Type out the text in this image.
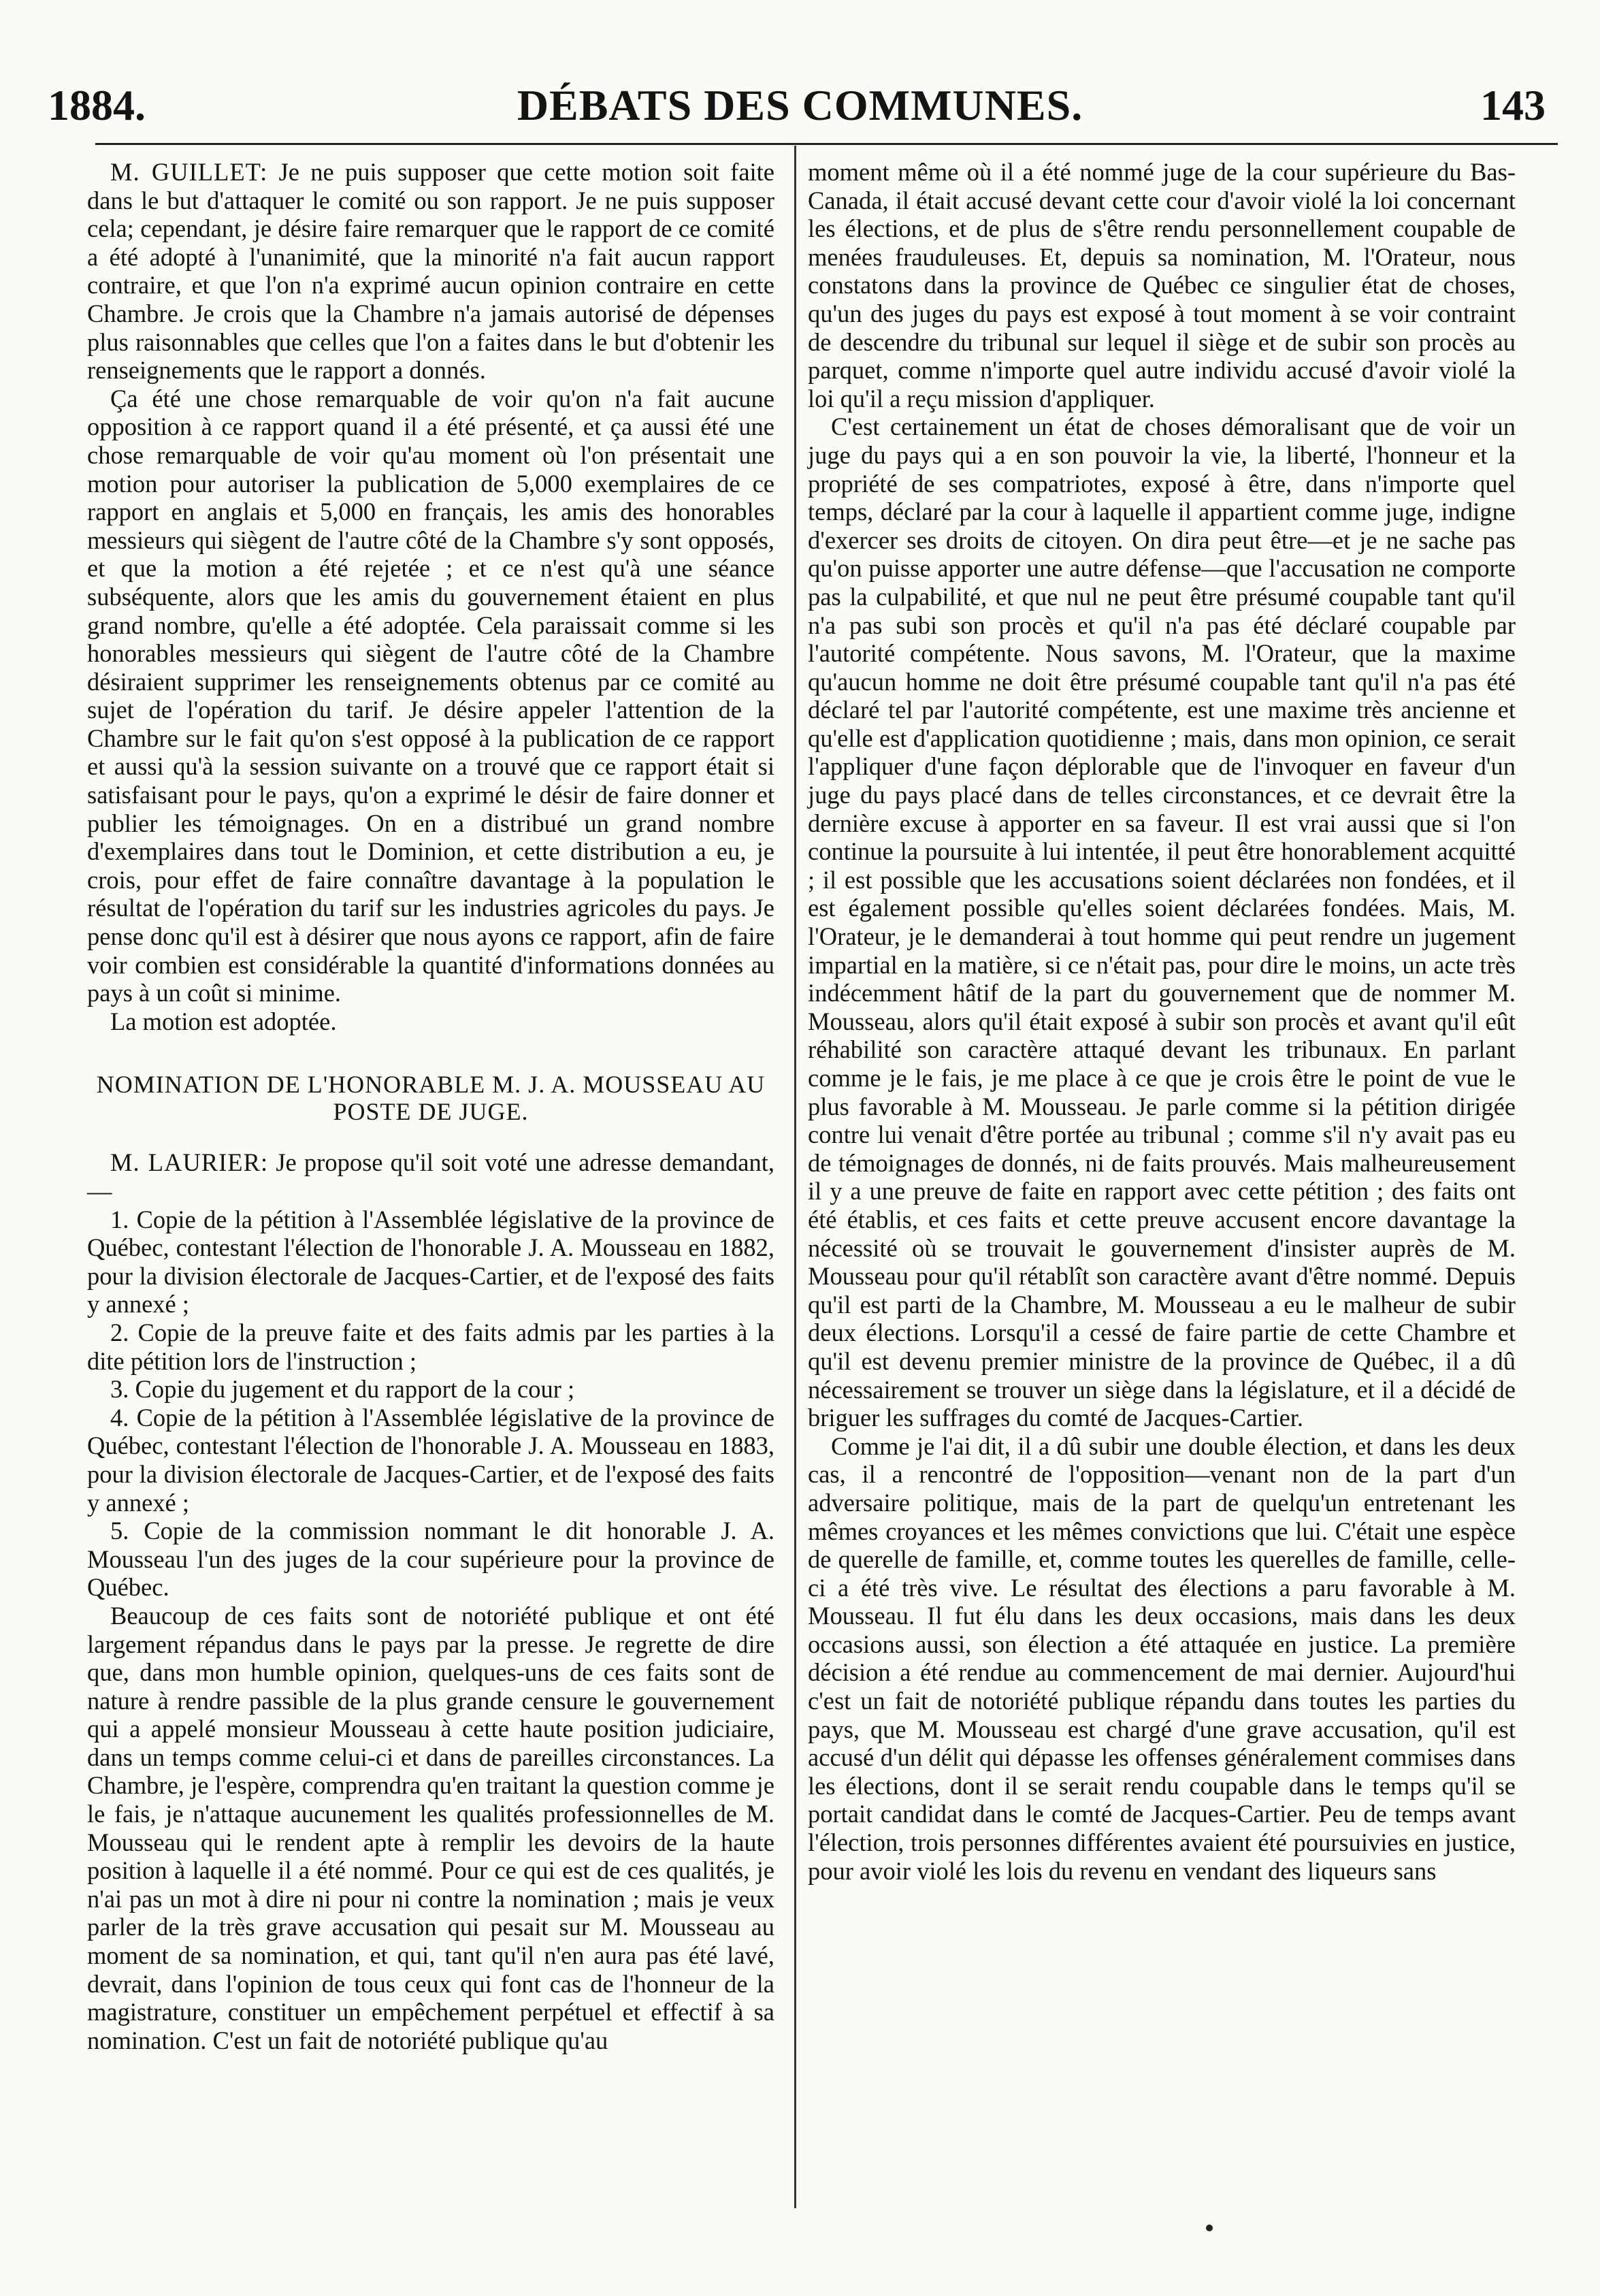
1884.	DÉBATS DES COMMUNES.	143

M. GUILLET: Je ne puis supposer que cette motion soit faite dans le but d'attaquer le comité ou son rapport. Je ne puis supposer cela; cependant, je désire faire remarquer que le rapport de ce comité a été adopté à l'unanimité, que la minorité n'a fait aucun rapport contraire, et que l'on n'a exprimé aucun opinion contraire en cette Chambre. Je crois que la Chambre n'a jamais autorisé de dépenses plus raisonnables que celles que l'on a faites dans le but d'obtenir les renseignements que le rapport a donnés.

Ça été une chose remarquable de voir qu'on n'a fait aucune opposition à ce rapport quand il a été présenté, et ça aussi été une chose remarquable de voir qu'au moment où l'on présentait une motion pour autoriser la publication de 5,000 exemplaires de ce rapport en anglais et 5,000 en français, les amis des honorables messieurs qui siègent de l'autre côté de la Chambre s'y sont opposés, et que la motion a été rejetée ; et ce n'est qu'à une séance subséquente, alors que les amis du gouvernement étaient en plus grand nombre, qu'elle a été adoptée. Cela paraissait comme si les honorables messieurs qui siègent de l'autre côté de la Chambre désiraient supprimer les renseignements obtenus par ce comité au sujet de l'opération du tarif. Je désire appeler l'attention de la Chambre sur le fait qu'on s'est opposé à la publication de ce rapport et aussi qu'à la session suivante on a trouvé que ce rapport était si satisfaisant pour le pays, qu'on a exprimé le désir de faire donner et publier les témoignages. On en a distribué un grand nombre d'exemplaires dans tout le Dominion, et cette distribution a eu, je crois, pour effet de faire connaître davantage à la population le résultat de l'opération du tarif sur les industries agricoles du pays. Je pense donc qu'il est à désirer que nous ayons ce rapport, afin de faire voir combien est considérable la quantité d'informations données au pays à un coût si minime.

La motion est adoptée.

NOMINATION DE L'HONORABLE M. J. A. MOUSSEAU AU POSTE DE JUGE.

M. LAURIER: Je propose qu'il soit voté une adresse demandant,—

1. Copie de la pétition à l'Assemblée législative de la province de Québec, contestant l'élection de l'honorable J. A. Mousseau en 1882, pour la division électorale de Jacques-Cartier, et de l'exposé des faits y annexé ;

2. Copie de la preuve faite et des faits admis par les parties à la dite pétition lors de l'instruction ;

3. Copie du jugement et du rapport de la cour ;

4. Copie de la pétition à l'Assemblée législative de la province de Québec, contestant l'élection de l'honorable J. A. Mousseau en 1883, pour la division électorale de Jacques-Cartier, et de l'exposé des faits y annexé ;

5. Copie de la commission nommant le dit honorable J. A. Mousseau l'un des juges de la cour supérieure pour la province de Québec.

Beaucoup de ces faits sont de notoriété publique et ont été largement répandus dans le pays par la presse. Je regrette de dire que, dans mon humble opinion, quelques-uns de ces faits sont de nature à rendre passible de la plus grande censure le gouvernement qui a appelé monsieur Mousseau à cette haute position judiciaire, dans un temps comme celui-ci et dans de pareilles circonstances. La Chambre, je l'espère, comprendra qu'en traitant la question comme je le fais, je n'attaque aucunement les qualités professionnelles de M. Mousseau qui le rendent apte à remplir les devoirs de la haute position à laquelle il a été nommé. Pour ce qui est de ces qualités, je n'ai pas un mot à dire ni pour ni contre la nomination ; mais je veux parler de la très grave accusation qui pesait sur M. Mousseau au moment de sa nomination, et qui, tant qu'il n'en aura pas été lavé, devrait, dans l'opinion de tous ceux qui font cas de l'honneur de la magistrature, constituer un empêchement perpétuel et effectif à sa nomination. C'est un fait de notoriété publique qu'au

moment même où il a été nommé juge de la cour supérieure du Bas-Canada, il était accusé devant cette cour d'avoir violé la loi concernant les élections, et de plus de s'être rendu personnellement coupable de menées frauduleuses. Et, depuis sa nomination, M. l'Orateur, nous constatons dans la province de Québec ce singulier état de choses, qu'un des juges du pays est exposé à tout moment à se voir contraint de descendre du tribunal sur lequel il siège et de subir son procès au parquet, comme n'importe quel autre individu accusé d'avoir violé la loi qu'il a reçu mission d'appliquer.

C'est certainement un état de choses démoralisant que de voir un juge du pays qui a en son pouvoir la vie, la liberté, l'honneur et la propriété de ses compatriotes, exposé à être, dans n'importe quel temps, déclaré par la cour à laquelle il appartient comme juge, indigne d'exercer ses droits de citoyen. On dira peut être—et je ne sache pas qu'on puisse apporter une autre défense—que l'accusation ne comporte pas la culpabilité, et que nul ne peut être présumé coupable tant qu'il n'a pas subi son procès et qu'il n'a pas été déclaré coupable par l'autorité compétente. Nous savons, M. l'Orateur, que la maxime qu'aucun homme ne doit être présumé coupable tant qu'il n'a pas été déclaré tel par l'autorité compétente, est une maxime très ancienne et qu'elle est d'application quotidienne ; mais, dans mon opinion, ce serait l'appliquer d'une façon déplorable que de l'invoquer en faveur d'un juge du pays placé dans de telles circonstances, et ce devrait être la dernière excuse à apporter en sa faveur. Il est vrai aussi que si l'on continue la poursuite à lui intentée, il peut être honorablement acquitté ; il est possible que les accusations soient déclarées non fondées, et il est également possible qu'elles soient déclarées fondées. Mais, M. l'Orateur, je le demanderai à tout homme qui peut rendre un jugement impartial en la matière, si ce n'était pas, pour dire le moins, un acte très indécemment hâtif de la part du gouvernement que de nommer M. Mousseau, alors qu'il était exposé à subir son procès et avant qu'il eût réhabilité son caractère attaqué devant les tribunaux. En parlant comme je le fais, je me place à ce que je crois être le point de vue le plus favorable à M. Mousseau. Je parle comme si la pétition dirigée contre lui venait d'être portée au tribunal ; comme s'il n'y avait pas eu de témoignages de donnés, ni de faits prouvés. Mais malheureusement il y a une preuve de faite en rapport avec cette pétition ; des faits ont été établis, et ces faits et cette preuve accusent encore davantage la nécessité où se trouvait le gouvernement d'insister auprès de M. Mousseau pour qu'il rétablît son caractère avant d'être nommé. Depuis qu'il est parti de la Chambre, M. Mousseau a eu le malheur de subir deux élections. Lorsqu'il a cessé de faire partie de cette Chambre et qu'il est devenu premier ministre de la province de Québec, il a dû nécessairement se trouver un siège dans la législature, et il a décidé de briguer les suffrages du comté de Jacques-Cartier.

Comme je l'ai dit, il a dû subir une double élection, et dans les deux cas, il a rencontré de l'opposition—venant non de la part d'un adversaire politique, mais de la part de quelqu'un entretenant les mêmes croyances et les mêmes convictions que lui. C'était une espèce de querelle de famille, et, comme toutes les querelles de famille, celle-ci a été très vive. Le résultat des élections a paru favorable à M. Mousseau. Il fut élu dans les deux occasions, mais dans les deux occasions aussi, son élection a été attaquée en justice. La première décision a été rendue au commencement de mai dernier. Aujourd'hui c'est un fait de notoriété publique répandu dans toutes les parties du pays, que M. Mousseau est chargé d'une grave accusation, qu'il est accusé d'un délit qui dépasse les offenses généralement commises dans les élections, dont il se serait rendu coupable dans le temps qu'il se portait candidat dans le comté de Jacques-Cartier. Peu de temps avant l'élection, trois personnes différentes avaient été poursuivies en justice, pour avoir violé les lois du revenu en vendant des liqueurs sans
